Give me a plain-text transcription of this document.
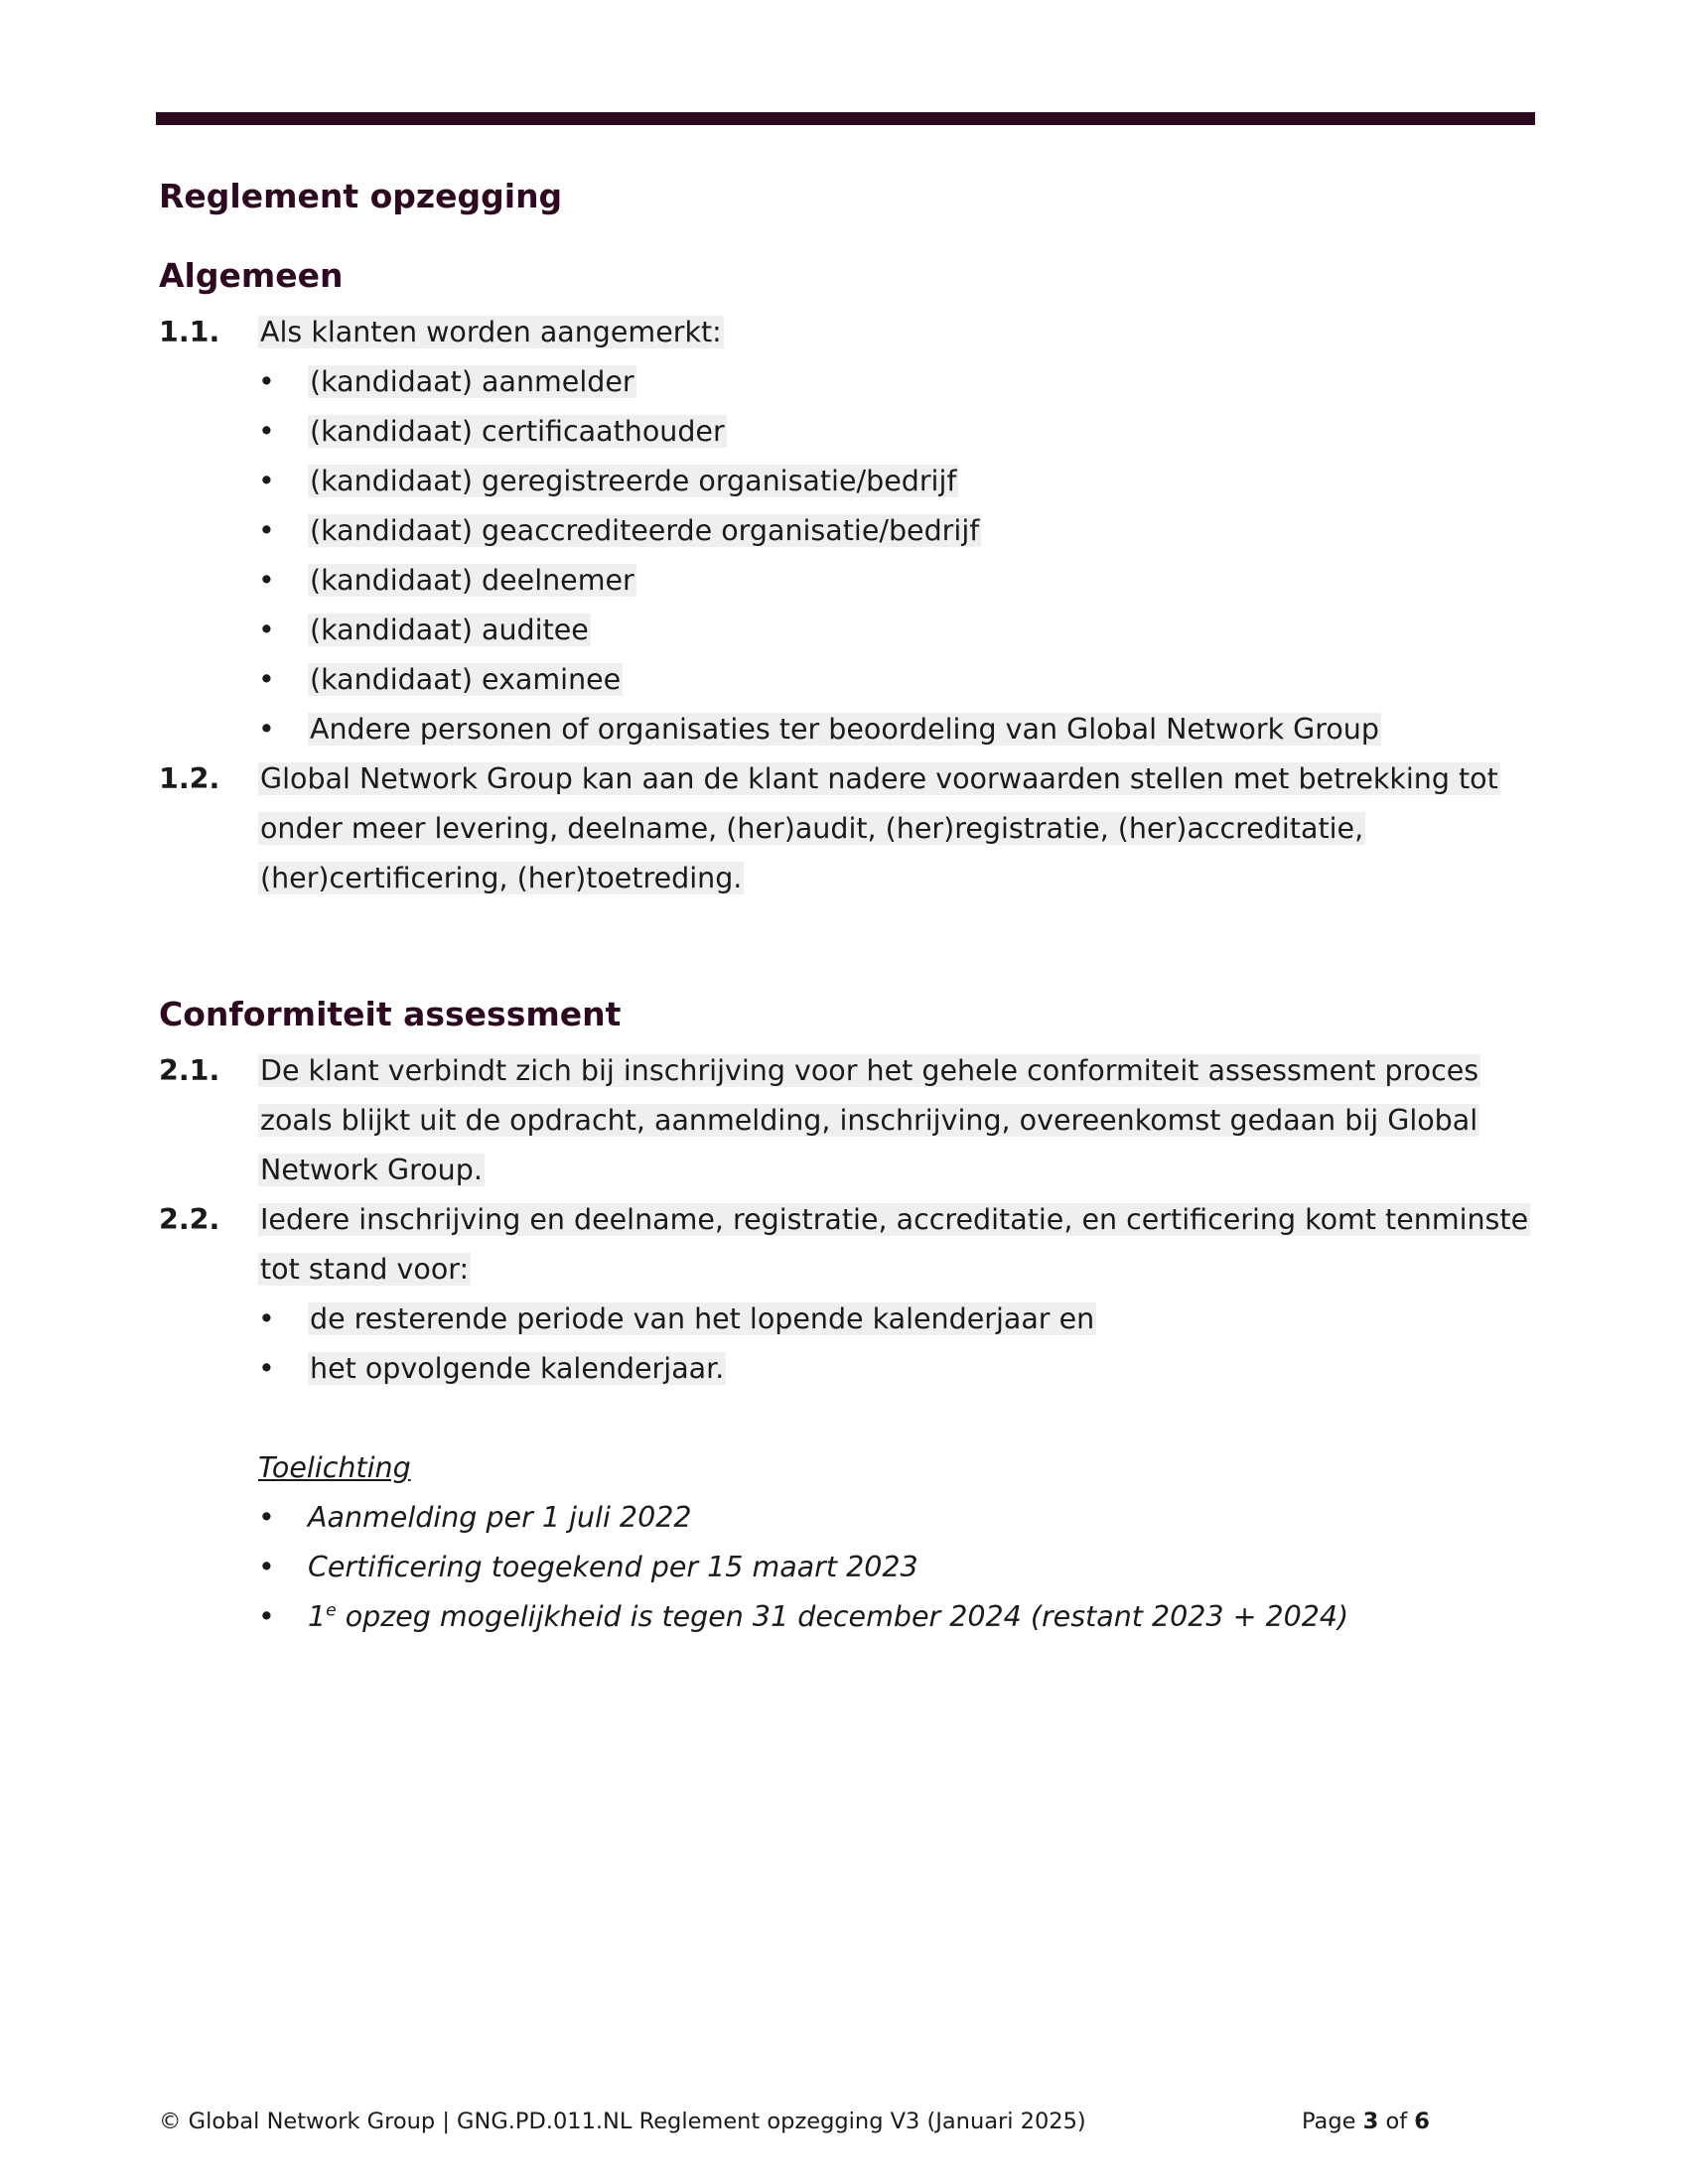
Reglement opzegging
Algemeen
1.1. Als klanten worden aangemerkt:
• (kandidaat) aanmelder
• (kandidaat) certificaathouder
• (kandidaat) geregistreerde organisatie/bedrijf
• (kandidaat) geaccrediteerde organisatie/bedrijf
• (kandidaat) deelnemer
• (kandidaat) auditee
• (kandidaat) examinee
• Andere personen of organisaties ter beoordeling van Global Network Group
1.2. Global Network Group kan aan de klant nadere voorwaarden stellen met betrekking tot
onder meer levering, deelname, (her)audit, (her)registratie, (her)accreditatie,
(her)certificering, (her)toetreding.
Conformiteit assessment
2.1. De klant verbindt zich bij inschrijving voor het gehele conformiteit assessment proces
zoals blijkt uit de opdracht, aanmelding, inschrijving, overeenkomst gedaan bij Global
Network Group.
2.2. Iedere inschrijving en deelname, registratie, accreditatie, en certificering komt tenminste
tot stand voor:
• de resterende periode van het lopende kalenderjaar en
• het opvolgende kalenderjaar.
Toelichting
• Aanmelding per 1 juli 2022
• Certificering toegekend per 15 maart 2023
• 1e opzeg mogelijkheid is tegen 31 december 2024 (restant 2023 + 2024)
© Global Network Group | GNG.PD.011.NL Reglement opzegging V3 (Januari 2025)	Page 3 of 6
